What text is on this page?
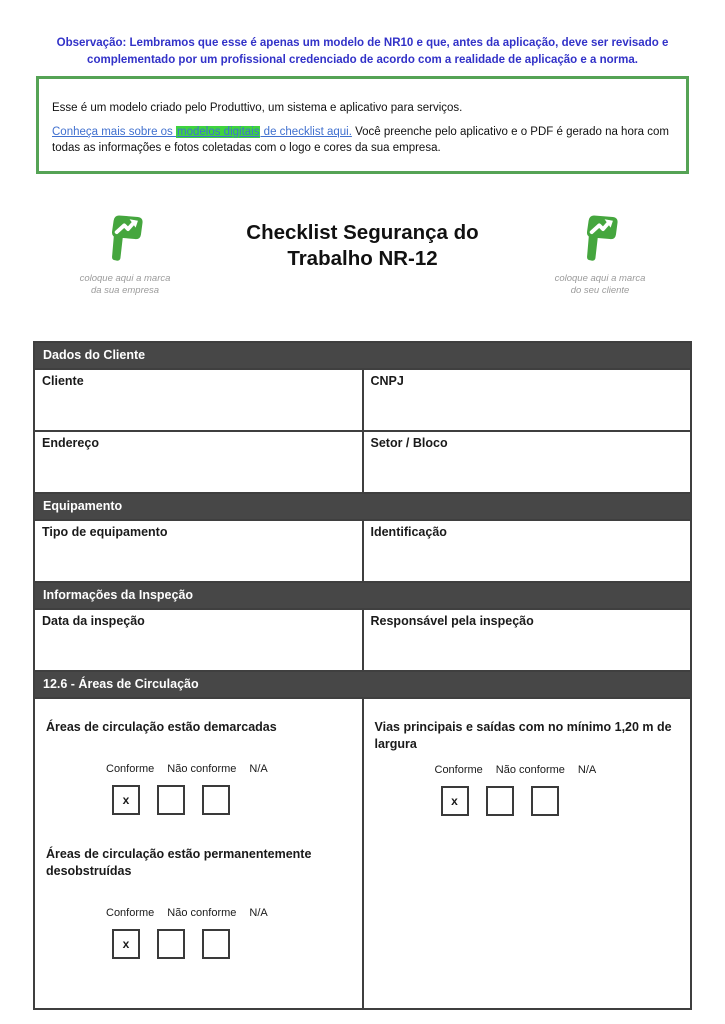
Observação: Lembramos que esse é apenas um modelo de NR10 e que, antes da aplicação, deve ser revisado e complementado por um profissional credenciado de acordo com a realidade de aplicação e a norma.

Esse é um modelo criado pelo Produttivo, um sistema e aplicativo para serviços.

Conheça mais sobre os modelos digitais de checklist aqui. Você preenche pelo aplicativo e o PDF é gerado na hora com todas as informações e fotos coletadas com o logo e cores da sua empresa.

coloque aqui a marca
da sua empresa
Checklist Segurança do
Trabalho NR-12
coloque aqui a marca
do seu cliente
Dados do Cliente	
Cliente	CNPJ
Endereço	Setor / Bloco
Equipamento	
Tipo de equipamento	Identificação
Informações da Inspeção	
Data da inspeção	Responsável pela inspeção
12.6 - Áreas de Circulação	

Áreas de circulação estão demarcadas

Conforme Não conforme N/A
x

Áreas de circulação estão permanentemente desobstruídas

Conforme Não conforme N/A
x

Vias principais e saídas com no mínimo 1,20 m de largura

Conforme Não conforme N/A
x
